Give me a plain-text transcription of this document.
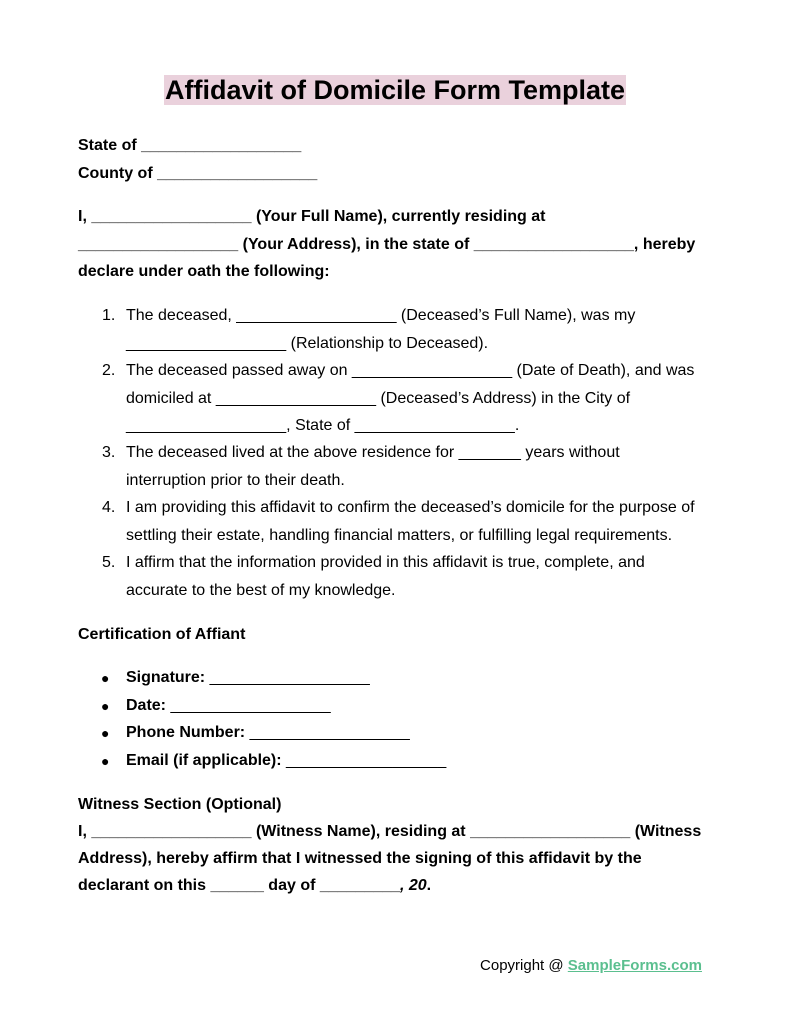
Affidavit of Domicile Form Template
State of __________________
County of __________________
I, __________________ (Your Full Name), currently residing at
__________________ (Your Address), in the state of __________________, hereby
declare under oath the following:
1. The deceased, __________________ (Deceased’s Full Name), was my
__________________ (Relationship to Deceased).
2. The deceased passed away on __________________ (Date of Death), and was
domiciled at __________________ (Deceased’s Address) in the City of
__________________, State of __________________.
3. The deceased lived at the above residence for _______ years without
interruption prior to their death.
4. I am providing this affidavit to confirm the deceased’s domicile for the purpose of
settling their estate, handling financial matters, or fulfilling legal requirements.
5. I affirm that the information provided in this affidavit is true, complete, and
accurate to the best of my knowledge.
Certification of Affiant
● Signature: __________________
● Date: __________________
● Phone Number: __________________
● Email (if applicable): __________________
Witness Section (Optional)
I, __________________ (Witness Name), residing at __________________ (Witness
Address), hereby affirm that I witnessed the signing of this affidavit by the
declarant on this ______ day of _________, 20.
Copyright @ SampleForms.com
